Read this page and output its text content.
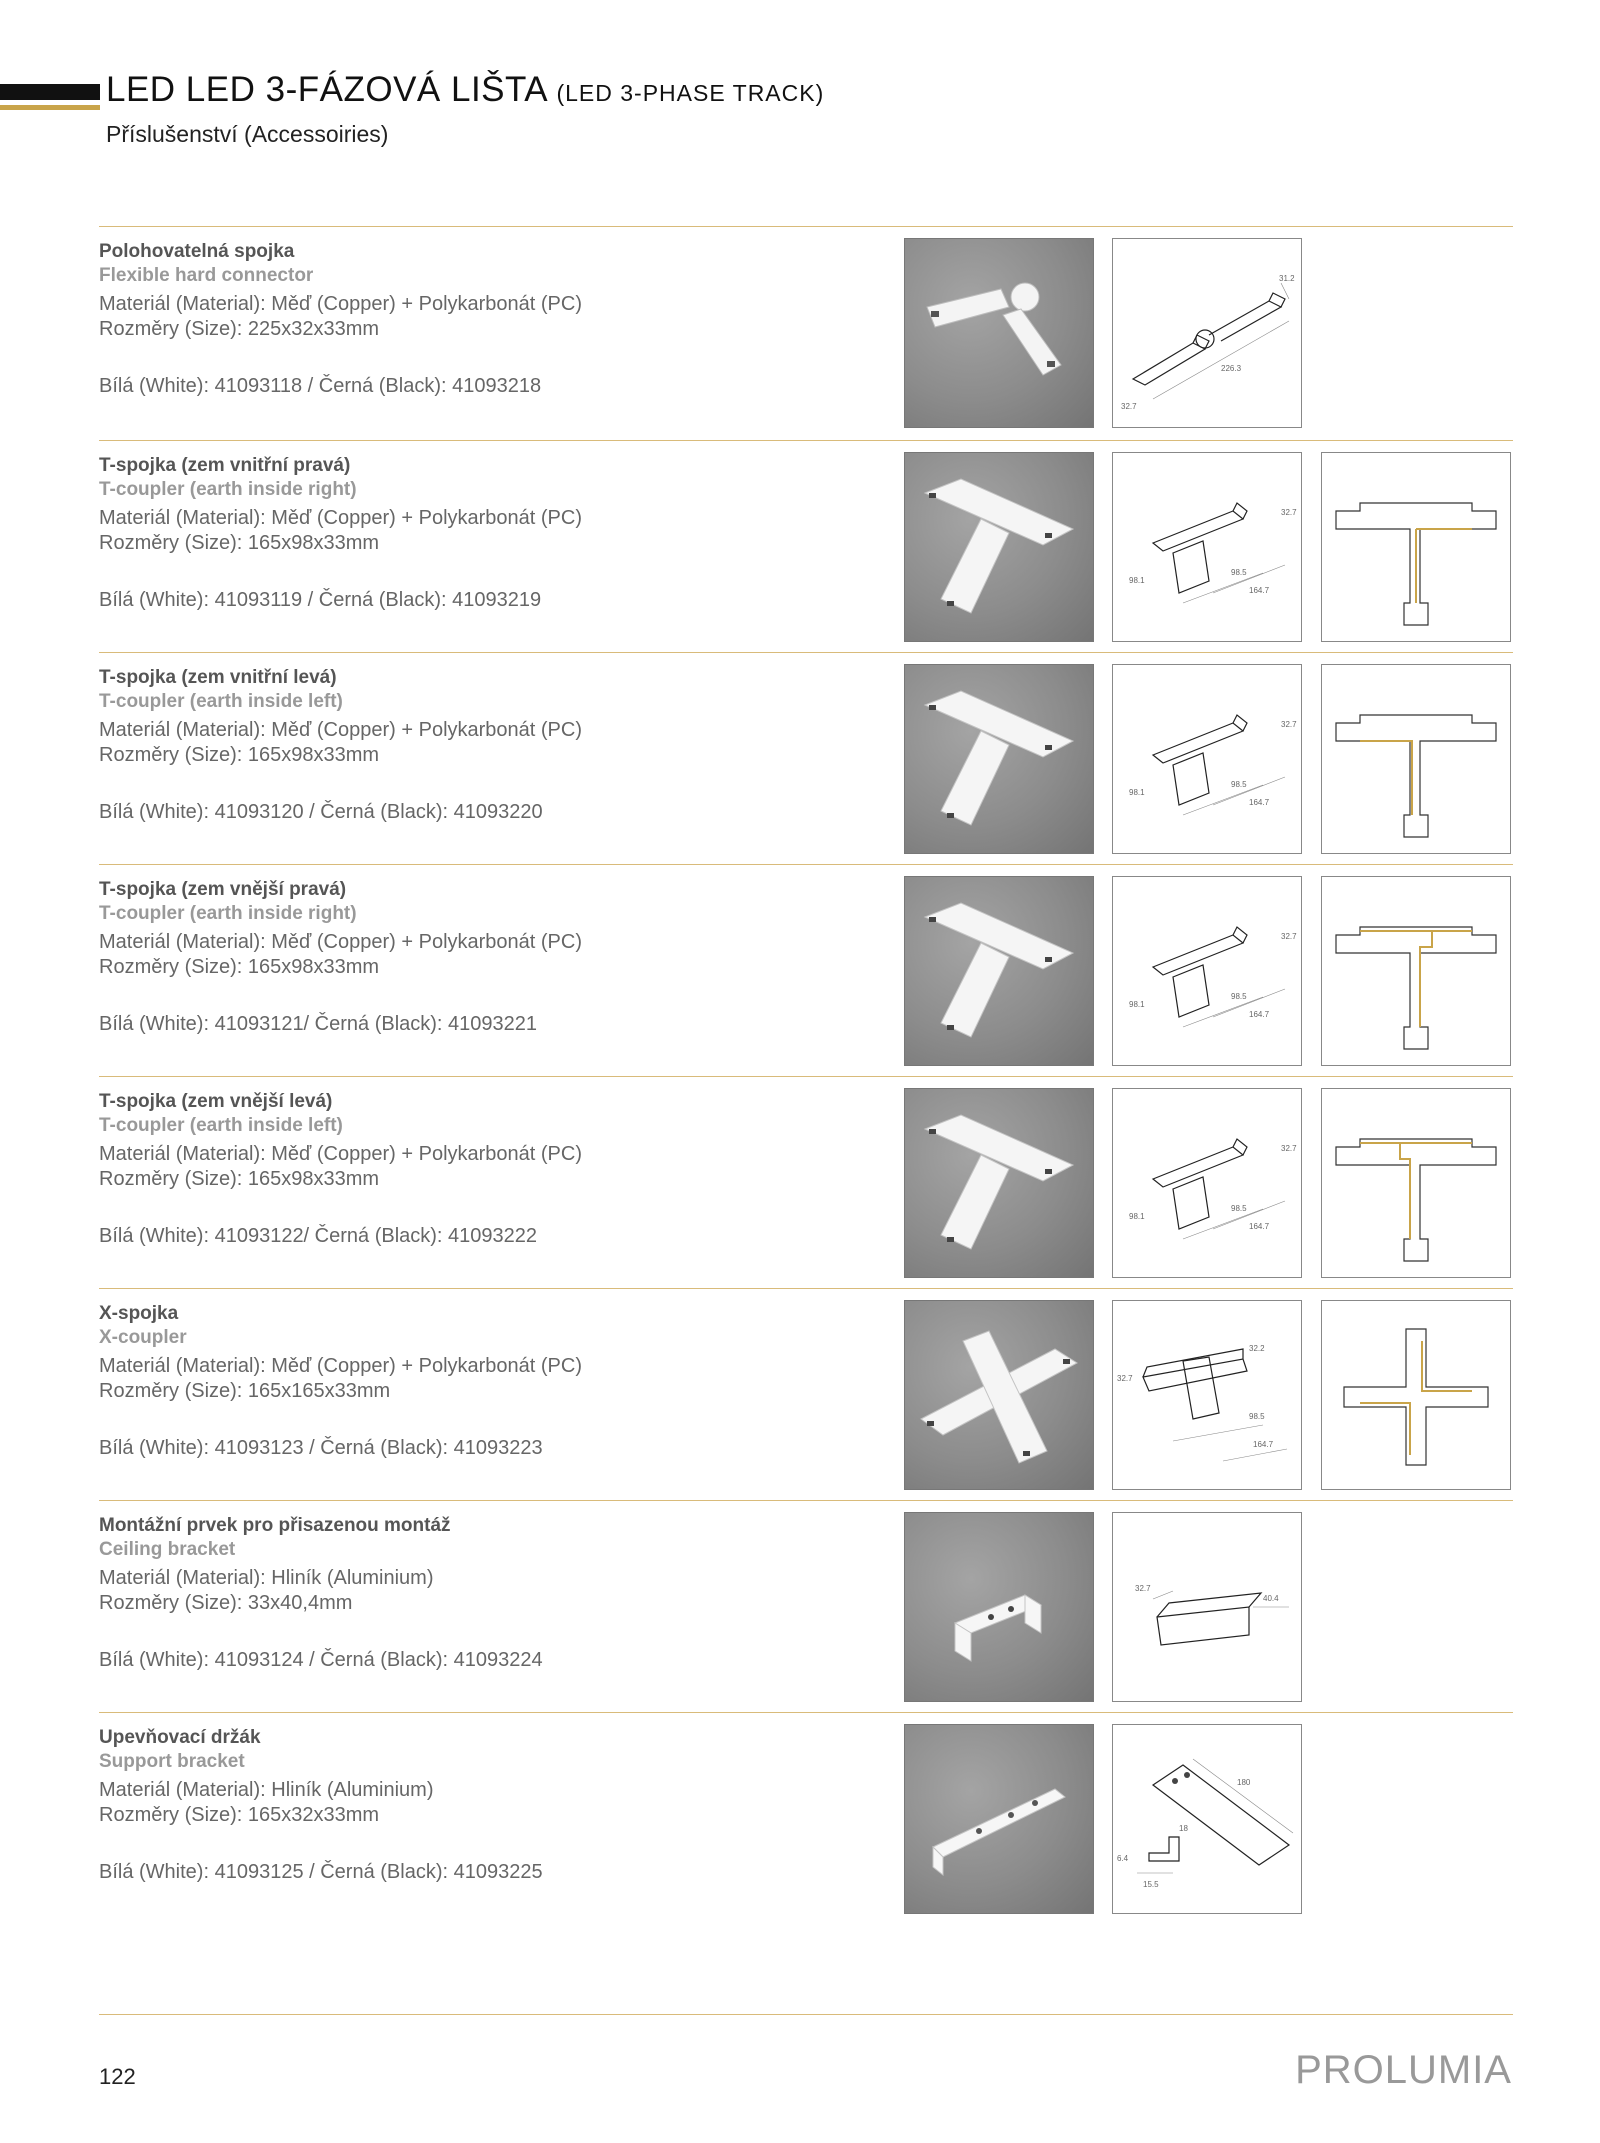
LED LED 3-FÁZOVÁ LIŠTA (LED 3-PHASE TRACK)
Příslušenství (Accessoiries)
Polohovatelná spojka
Flexible hard connector
Materiál (Material): Měď (Copper) + Polykarbonát (PC)
Rozměry (Size): 225x32x33mm
Bílá (White): 41093118 / Černá (Black): 41093218
31.2
226.3
32.7
T-spojka (zem vnitřní pravá)
T-coupler (earth inside right)
Materiál (Material): Měď (Copper) + Polykarbonát (PC)
Rozměry (Size): 165x98x33mm
Bílá (White): 41093119 / Černá (Black): 41093219
32.7
98.5
164.7
98.1
T-spojka (zem vnitřní levá)
T-coupler (earth inside left)
Materiál (Material): Měď (Copper) + Polykarbonát (PC)
Rozměry (Size): 165x98x33mm
Bílá (White): 41093120 / Černá (Black): 41093220
32.7
98.5
164.7
98.1
T-spojka (zem vnější pravá)
T-coupler (earth inside right)
Materiál (Material): Měď (Copper) + Polykarbonát (PC)
Rozměry (Size): 165x98x33mm
Bílá (White): 41093121/ Černá (Black): 41093221
32.7
98.5
164.7
98.1
T-spojka (zem vnější levá)
T-coupler (earth inside left)
Materiál (Material): Měď (Copper) + Polykarbonát (PC)
Rozměry (Size): 165x98x33mm
Bílá (White): 41093122/ Černá (Black): 41093222
32.7
98.5
164.7
98.1
X-spojka
X-coupler
Materiál (Material): Měď (Copper) + Polykarbonát (PC)
Rozměry (Size): 165x165x33mm
Bílá (White): 41093123 / Černá (Black): 41093223
32.2
32.7
98.5
164.7
Montážní prvek pro přisazenou montáž
Ceiling bracket
Materiál (Material): Hliník (Aluminium)
Rozměry (Size): 33x40,4mm
Bílá (White): 41093124 / Černá (Black): 41093224
32.7
40.4
Upevňovací držák
Support bracket
Materiál (Material): Hliník (Aluminium)
Rozměry (Size): 165x32x33mm
Bílá (White): 41093125 / Černá (Black): 41093225
180
15.5
18
6.4
122	PROLUMIA
